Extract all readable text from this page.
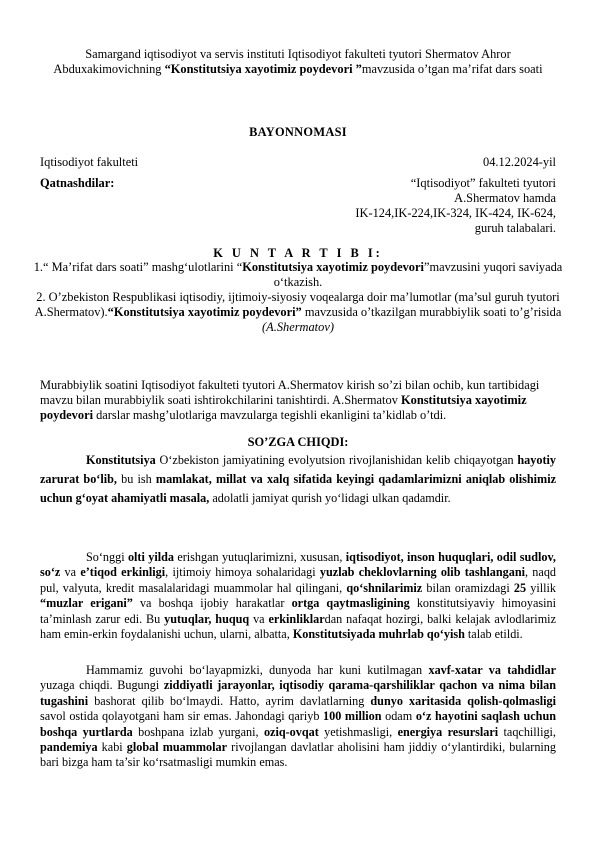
Samargand iqtisodiyot va servis instituti Iqtisodiyot fakulteti tyutori Shermatov Ahror Abduxakimovichning “Konstitutsiya xayotimiz poydevori ”mavzusida o’tgan ma’rifat dars soati
BAYONNOMASI
Iqtisodiyot fakulteti	04.12.2024-yil
Qatnashdilar:	“Iqtisodiyot” fakulteti tyutori
A.Shermatov hamda
IK-124,IK-224,IK-324, IK-424, IK-624,
guruh talabalari.
K U N T A R T I B I:
1.“ Ma’rifat dars soati” mashg‘ulotlarini “Konstitutsiya xayotimiz poydevori”mavzusini yuqori saviyada o‘tkazish.
2. O’zbekiston Respublikasi iqtisodiy, ijtimoiy-siyosiy voqealarga doir ma’lumotlar (ma’sul guruh tyutori A.Shermatov).“Konstitutsiya xayotimiz poydevori” mavzusida o’tkazilgan murabbiylik soati to’g’risida
(A.Shermatov)
Murabbiylik soatini Iqtisodiyot fakulteti tyutori A.Shermatov kirish so’zi bilan ochib, kun tartibidagi mavzu bilan murabbiylik soati ishtirokchilarini tanishtirdi. A.Shermatov Konstitutsiya xayotimiz poydevori darslar mashg’ulotlariga mavzularga tegishli ekanligini ta’kidlab o’tdi.
SO’ZGA CHIQDI:
Konstitutsiya O‘zbekiston jamiyatining evolyutsion rivojlanishidan kelib chiqayotgan hayotiy zarurat bo‘lib, bu ish mamlakat, millat va xalq sifatida keyingi qadamlarimizni aniqlab olishimiz uchun g‘oyat ahamiyatli masala, adolatli jamiyat qurish yo‘lidagi ulkan qadamdir.
So‘nggi olti yilda erishgan yutuqlarimizni, xususan, iqtisodiyot, inson huquqlari, odil sudlov, so‘z va e’tiqod erkinligi, ijtimoiy himoya sohalaridagi yuzlab cheklovlarning olib tashlangani, naqd pul, valyuta, kredit masalalaridagi muammolar hal qilingani, qo‘shnilarimiz bilan oramizdagi 25 yillik “muzlar erigani” va boshqa ijobiy harakatlar ortga qaytmasligining konstitutsiyaviy himoyasini ta’minlash zarur edi. Bu yutuqlar, huquq va erkinliklardan nafaqat hozirgi, balki kelajak avlodlarimiz ham emin-erkin foydalanishi uchun, ularni, albatta, Konstitutsiyada muhrlab qo‘yish talab etildi.
Hammamiz guvohi bo‘layapmizki, dunyoda har kuni kutilmagan xavf-xatar va tahdidlar yuzaga chiqdi. Bugungi ziddiyatli jarayonlar, iqtisodiy qarama-qarshiliklar qachon va nima bilan tugashini bashorat qilib bo‘lmaydi. Hatto, ayrim davlatlarning dunyo xaritasida qolish-qolmasligi savol ostida qolayotgani ham sir emas. Jahondagi qariyb 100 million odam o‘z hayotini saqlash uchun boshqa yurtlarda boshpana izlab yurgani, oziq-ovqat yetishmasligi, energiya resurslari taqchilligi, pandemiya kabi global muammolar rivojlangan davlatlar aholisini ham jiddiy o‘ylantirdiki, bularning bari bizga ham ta’sir ko‘rsatmasligi mumkin emas.
